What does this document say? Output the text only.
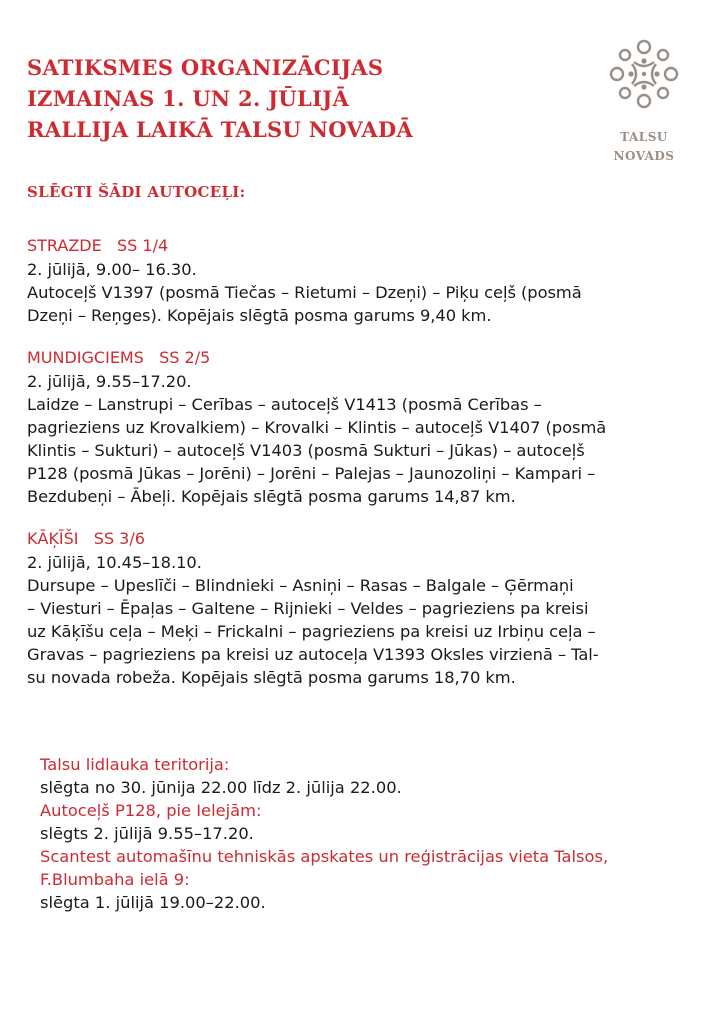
SATIKSMES ORGANIZĀCIJAS
IZMAIŅAS 1. UN 2. JŪLIJĀ
RALLIJA LAIKĀ TALSU NOVADĀ	TALSU
NOVADS
SLĒGTI ŠĀDI AUTOCEĻI:
STRAZDE   SS 1/4
2. jūlijā, 9.00– 16.30.
Autoceļš V1397 (posmā Tiečas – Rietumi – Dzeņi) – Piķu ceļš (posmā
Dzeņi – Reņges). Kopējais slēgtā posma garums 9,40 km.
MUNDIGCIEMS   SS 2/5
2. jūlijā, 9.55–17.20.
Laidze – Lanstrupi – Cerības – autoceļš V1413 (posmā Cerības –
pagrieziens uz Krovalkiem) – Krovalki – Klintis – autoceļš V1407 (posmā
Klintis – Sukturi) – autoceļš V1403 (posmā Sukturi – Jūkas) – autoceļš
P128 (posmā Jūkas – Jorēni) – Jorēni – Palejas – Jaunozoliņi – Kampari –
Bezdubeņi – Ābeļi. Kopējais slēgtā posma garums 14,87 km.
KĀĶĪŠI   SS 3/6
2. jūlijā, 10.45–18.10.
Dursupe – Upeslīči – Blindnieki – Asniņi – Rasas – Balgale – Ģērmaņi
– Viesturi – Ēpaļas – Galtene – Rijnieki – Veldes – pagrieziens pa kreisi
uz Kāķīšu ceļa – Meķi – Frickalni – pagrieziens pa kreisi uz Irbiņu ceļa –
Gravas – pagrieziens pa kreisi uz autoceļa V1393 Oksles virzienā – Tal-
su novada robeža. Kopējais slēgtā posma garums 18,70 km.
Talsu lidlauka teritorija:
slēgta no 30. jūnija 22.00 līdz 2. jūlija 22.00.
Autoceļš P128, pie Ielejām:
slēgts 2. jūlijā 9.55–17.20.
Scantest automašīnu tehniskās apskates un reģistrācijas vieta Talsos,
F.Blumbaha ielā 9:
slēgta 1. jūlijā 19.00–22.00.
